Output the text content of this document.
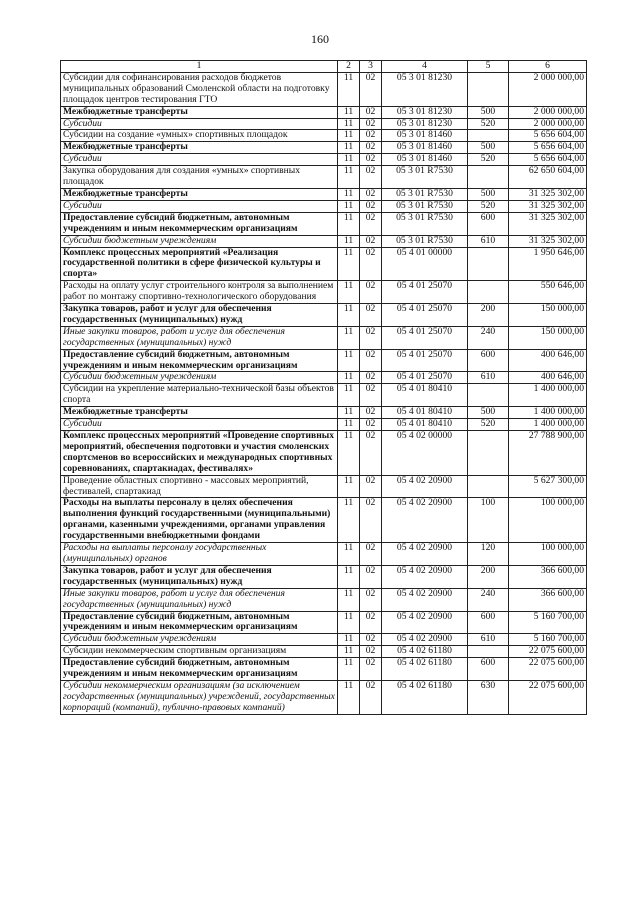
160
1	2	3	4	5	6
Субсидии для софинансирования расходов бюджетов муниципальных образований Смоленской области на подготовку площадок центров тестирования ГТО	11	02	05 3 01 81230		2 000 000,00
Межбюджетные трансферты	11	02	05 3 01 81230	500	2 000 000,00
Субсидии	11	02	05 3 01 81230	520	2 000 000,00
Субсидии на создание «умных» спортивных площадок	11	02	05 3 01 81460		5 656 604,00
Межбюджетные трансферты	11	02	05 3 01 81460	500	5 656 604,00
Субсидии	11	02	05 3 01 81460	520	5 656 604,00
Закупка оборудования для создания «умных» спортивных площадок	11	02	05 3 01 R7530		62 650 604,00
Межбюджетные трансферты	11	02	05 3 01 R7530	500	31 325 302,00
Субсидии	11	02	05 3 01 R7530	520	31 325 302,00
Предоставление субсидий бюджетным, автономным учреждениям и иным некоммерческим организациям	11	02	05 3 01 R7530	600	31 325 302,00
Субсидии бюджетным учреждениям	11	02	05 3 01 R7530	610	31 325 302,00
Комплекс процессных мероприятий «Реализация государственной политики в сфере физической культуры и спорта»	11	02	05 4 01 00000		1 950 646,00
Расходы на оплату услуг строительного контроля за выполнением работ по монтажу спортивно-технологического оборудования	11	02	05 4 01 25070		550 646,00
Закупка товаров, работ и услуг для обеспечения государственных (муниципальных) нужд	11	02	05 4 01 25070	200	150 000,00
Иные закупки товаров, работ и услуг для обеспечения государственных (муниципальных) нужд	11	02	05 4 01 25070	240	150 000,00
Предоставление субсидий бюджетным, автономным учреждениям и иным некоммерческим организациям	11	02	05 4 01 25070	600	400 646,00
Субсидии бюджетным учреждениям	11	02	05 4 01 25070	610	400 646,00
Субсидии на укрепление материально-технической базы объектов спорта	11	02	05 4 01 80410		1 400 000,00
Межбюджетные трансферты	11	02	05 4 01 80410	500	1 400 000,00
Субсидии	11	02	05 4 01 80410	520	1 400 000,00
Комплекс процессных мероприятий «Проведение спортивных мероприятий, обеспечения подготовки и участия смоленских спортсменов во всероссийских и международных спортивных соревнованиях, спартакиадах, фестивалях»	11	02	05 4 02 00000		27 788 900,00
Проведение областных спортивно - массовых мероприятий, фестивалей, спартакиад	11	02	05 4 02 20900		5 627 300,00
Расходы на выплаты персоналу в целях обеспечения выполнения функций государственными (муниципальными) органами, казенными учреждениями, органами управления государственными внебюджетными фондами	11	02	05 4 02 20900	100	100 000,00
Расходы на выплаты персоналу государственных (муниципальных) органов	11	02	05 4 02 20900	120	100 000,00
Закупка товаров, работ и услуг для обеспечения государственных (муниципальных) нужд	11	02	05 4 02 20900	200	366 600,00
Иные закупки товаров, работ и услуг для обеспечения государственных (муниципальных) нужд	11	02	05 4 02 20900	240	366 600,00
Предоставление субсидий бюджетным, автономным учреждениям и иным некоммерческим организациям	11	02	05 4 02 20900	600	5 160 700,00
Субсидии бюджетным учреждениям	11	02	05 4 02 20900	610	5 160 700,00
Субсидии некоммерческим спортивным организациям	11	02	05 4 02 61180		22 075 600,00
Предоставление субсидий бюджетным, автономным учреждениям и иным некоммерческим организациям	11	02	05 4 02 61180	600	22 075 600,00
Субсидии некоммерческим организациям (за исключением государственных (муниципальных) учреждений, государственных корпораций (компаний), публично-правовых компаний)	11	02	05 4 02 61180	630	22 075 600,00
